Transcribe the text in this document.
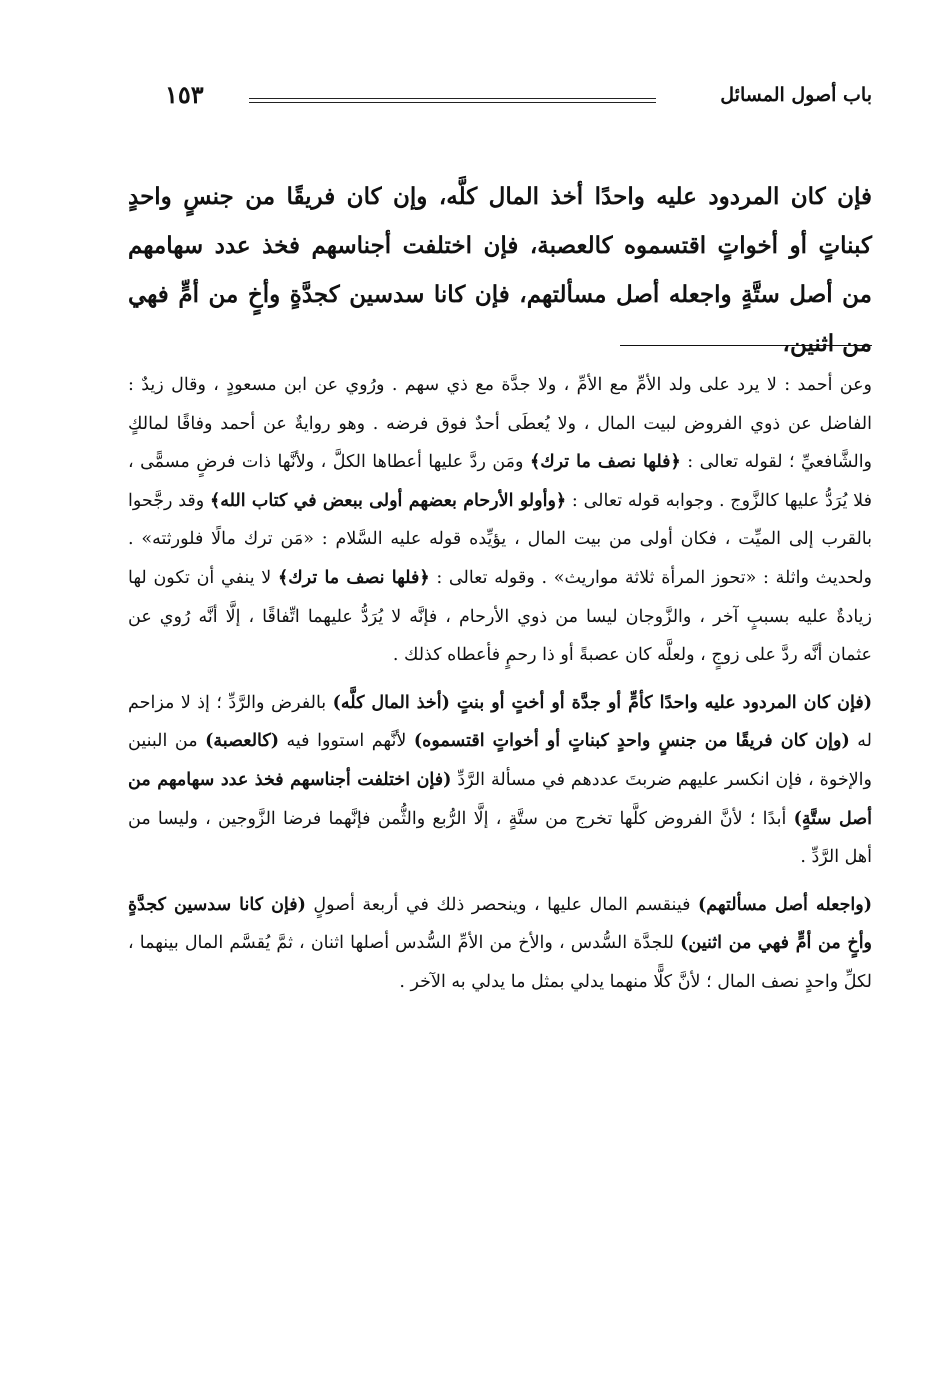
باب أصول المسائل
١٥٣
فإن كان المردود عليه واحدًا أخذ المال كلَّه، وإن كان فريقًا من جنسٍ واحدٍ كبناتٍ أو أخواتٍ اقتسموه كالعصبة، فإن اختلفت أجناسهم فخذ عدد سهامهم من أصل ستَّةٍ واجعله أصل مسألتهم، فإن كانا سدسين كجدَّةٍ وأخٍ من أمٍّ فهي من اثنين،

وعن أحمد : لا يرد على ولد الأمِّ مع الأمِّ ، ولا جدَّة مع ذي سهم . ورُوي عن ابن مسعودٍ ، وقال زيدٌ : الفاضل عن ذوي الفروض لبيت المال ، ولا يُعطَى أحدٌ فوق فرضه . وهو روايةٌ عن أحمد وفاقًا لمالكٍ والشَّافعيِّ ؛ لقوله تعالى : ﴿فلها نصف ما ترك﴾ ومَن ردَّ عليها أعطاها الكلَّ ، ولأنَّها ذات فرضٍ مسمًّى ، فلا يُرَدُّ عليها كالزَّوج . وجوابه قوله تعالى : ﴿وأولو الأرحام بعضهم أولى ببعض في كتاب الله﴾ وقد رجَّحوا بالقرب إلى الميِّت ، فكان أولى من بيت المال ، يؤيِّده قوله عليه السَّلام : «مَن ترك مالًا فلورثته» . ولحديث واثلة : «تحوز المرأة ثلاثة مواريث» . وقوله تعالى : ﴿فلها نصف ما ترك﴾ لا ينفي أن تكون لها زيادةٌ عليه بسببٍ آخر ، والزَّوجان ليسا من ذوي الأرحام ، فإنَّه لا يُرَدُّ عليهما اتِّفاقًا ، إلَّا أنَّه رُوي عن عثمان أنَّه ردَّ على زوجٍ ، ولعلَّه كان عصبةً أو ذا رحمٍ فأعطاه كذلك .

(فإن كان المردود عليه واحدًا كأمٍّ أو جدَّة أو أختٍ أو بنتٍ (أخذ المال كلَّه) بالفرض والرَّدِّ ؛ إذ لا مزاحم له (وإن كان فريقًا من جنسٍ واحدٍ كبناتٍ أو أخواتٍ اقتسموه) لأنَّهم استووا فيه (كالعصبة) من البنين والإخوة ، فإن انكسر عليهم ضربتَ عددهم في مسألة الرَّدِّ (فإن اختلفت أجناسهم فخذ عدد سهامهم من أصل ستَّةٍ) أبدًا ؛ لأنَّ الفروض كلَّها تخرج من ستَّةٍ ، إلَّا الرُّبع والثُّمن فإنَّهما فرضا الزَّوجين ، وليسا من أهل الرَّدِّ .

(واجعله أصل مسألتهم) فينقسم المال عليها ، وينحصر ذلك في أربعة أصولٍ (فإن كانا سدسين كجدَّةٍ وأخٍ من أمٍّ فهي من اثنين) للجدَّة السُّدس ، والأخ من الأمِّ السُّدس أصلها اثنان ، ثمَّ يُقسَّم المال بينهما ، لكلِّ واحدٍ نصف المال ؛ لأنَّ كلًّا منهما يدلي بمثل ما يدلي به الآخر .
